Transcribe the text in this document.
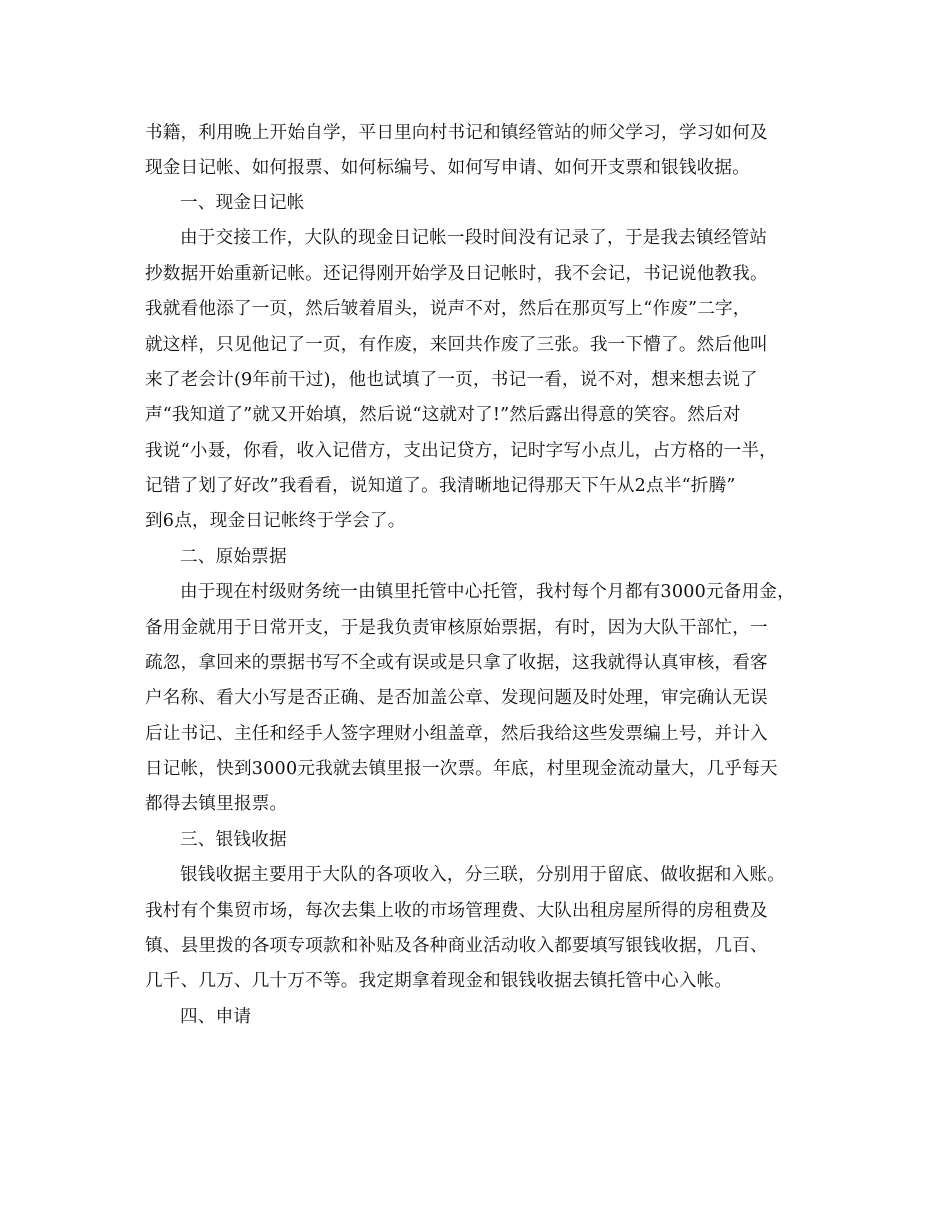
书籍，利用晚上开始自学，平日里向村书记和镇经管站的师父学习，学习如何及
现金日记帐、如何报票、如何标编号、如何写申请、如何开支票和银钱收据。
一、现金日记帐
由于交接工作，大队的现金日记帐一段时间没有记录了，于是我去镇经管站
抄数据开始重新记帐。还记得刚开始学及日记帐时，我不会记，书记说他教我。
我就看他添了一页，然后皱着眉头，说声不对，然后在那页写上“作废”二字，
就这样，只见他记了一页，有作废，来回共作废了三张。我一下懵了。然后他叫
来了老会计(9年前干过)，他也试填了一页，书记一看，说不对，想来想去说了
声“我知道了”就又开始填，然后说“这就对了!”然后露出得意的笑容。然后对
我说“小聂，你看，收入记借方，支出记贷方，记时字写小点儿，占方格的一半，
记错了划了好改”我看看，说知道了。我清晰地记得那天下午从2点半“折腾”
到6点，现金日记帐终于学会了。
二、原始票据
由于现在村级财务统一由镇里托管中心托管，我村每个月都有3000元备用金，
备用金就用于日常开支，于是我负责审核原始票据，有时，因为大队干部忙，一
疏忽，拿回来的票据书写不全或有误或是只拿了收据，这我就得认真审核，看客
户名称、看大小写是否正确、是否加盖公章、发现问题及时处理，审完确认无误
后让书记、主任和经手人签字理财小组盖章，然后我给这些发票编上号，并计入
日记帐，快到3000元我就去镇里报一次票。年底，村里现金流动量大，几乎每天
都得去镇里报票。
三、银钱收据
银钱收据主要用于大队的各项收入，分三联，分别用于留底、做收据和入账。
我村有个集贸市场，每次去集上收的市场管理费、大队出租房屋所得的房租费及
镇、县里拨的各项专项款和补贴及各种商业活动收入都要填写银钱收据，几百、
几千、几万、几十万不等。我定期拿着现金和银钱收据去镇托管中心入帐。
四、申请
